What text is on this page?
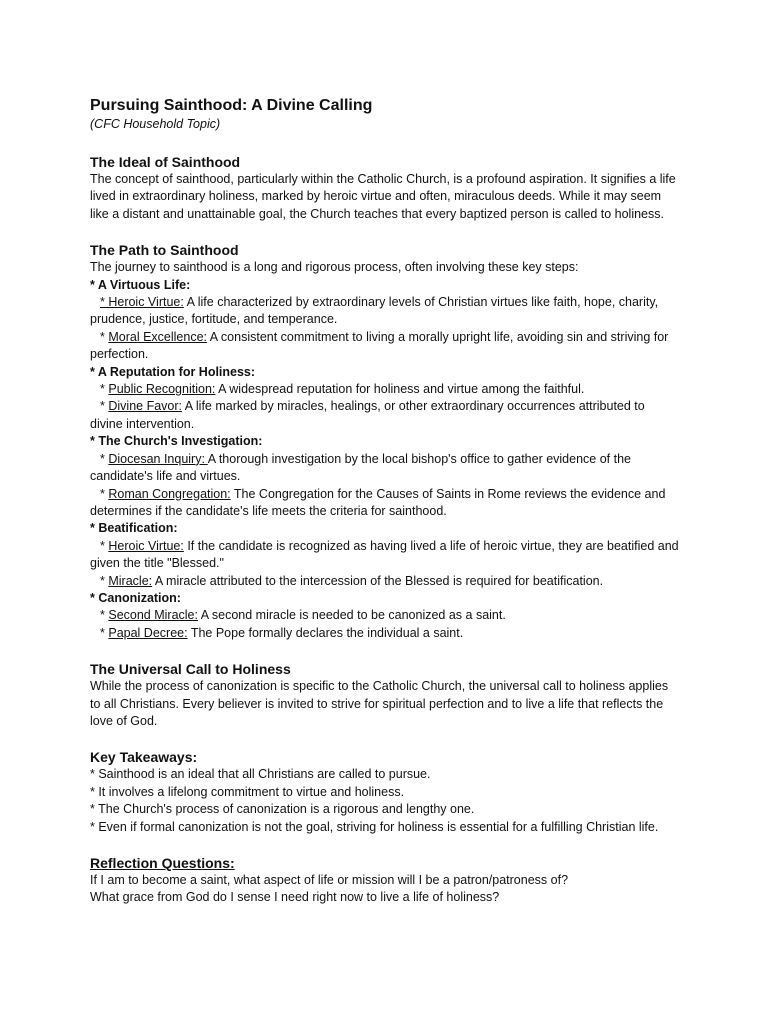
Pursuing Sainthood: A Divine Calling
(CFC Household Topic)
The Ideal of Sainthood

The concept of sainthood, particularly within the Catholic Church, is a profound aspiration. It signifies a life lived in extraordinary holiness, marked by heroic virtue and often, miraculous deeds. While it may seem like a distant and unattainable goal, the Church teaches that every baptized person is called to holiness.

The Path to Sainthood

The journey to sainthood is a long and rigorous process, often involving these key steps:

* A Virtuous Life:
* Heroic Virtue: A life characterized by extraordinary levels of Christian virtues like faith, hope, charity, prudence, justice, fortitude, and temperance.
* Moral Excellence: A consistent commitment to living a morally upright life, avoiding sin and striving for perfection.
* A Reputation for Holiness:
* Public Recognition: A widespread reputation for holiness and virtue among the faithful.
* Divine Favor: A life marked by miracles, healings, or other extraordinary occurrences attributed to divine intervention.
* The Church's Investigation:
* Diocesan Inquiry: A thorough investigation by the local bishop's office to gather evidence of the candidate's life and virtues.
* Roman Congregation: The Congregation for the Causes of Saints in Rome reviews the evidence and determines if the candidate's life meets the criteria for sainthood.
* Beatification:
* Heroic Virtue: If the candidate is recognized as having lived a life of heroic virtue, they are beatified and given the title "Blessed."
* Miracle: A miracle attributed to the intercession of the Blessed is required for beatification.
* Canonization:
* Second Miracle: A second miracle is needed to be canonized as a saint.
* Papal Decree: The Pope formally declares the individual a saint.
The Universal Call to Holiness

While the process of canonization is specific to the Catholic Church, the universal call to holiness applies to all Christians. Every believer is invited to strive for spiritual perfection and to live a life that reflects the love of God.

Key Takeaways:
* Sainthood is an ideal that all Christians are called to pursue.
* It involves a lifelong commitment to virtue and holiness.
* The Church's process of canonization is a rigorous and lengthy one.
* Even if formal canonization is not the goal, striving for holiness is essential for a fulfilling Christian life.
Reflection Questions:
If I am to become a saint, what aspect of life or mission will I be a patron/patroness of?
What grace from God do I sense I need right now to live a life of holiness?
